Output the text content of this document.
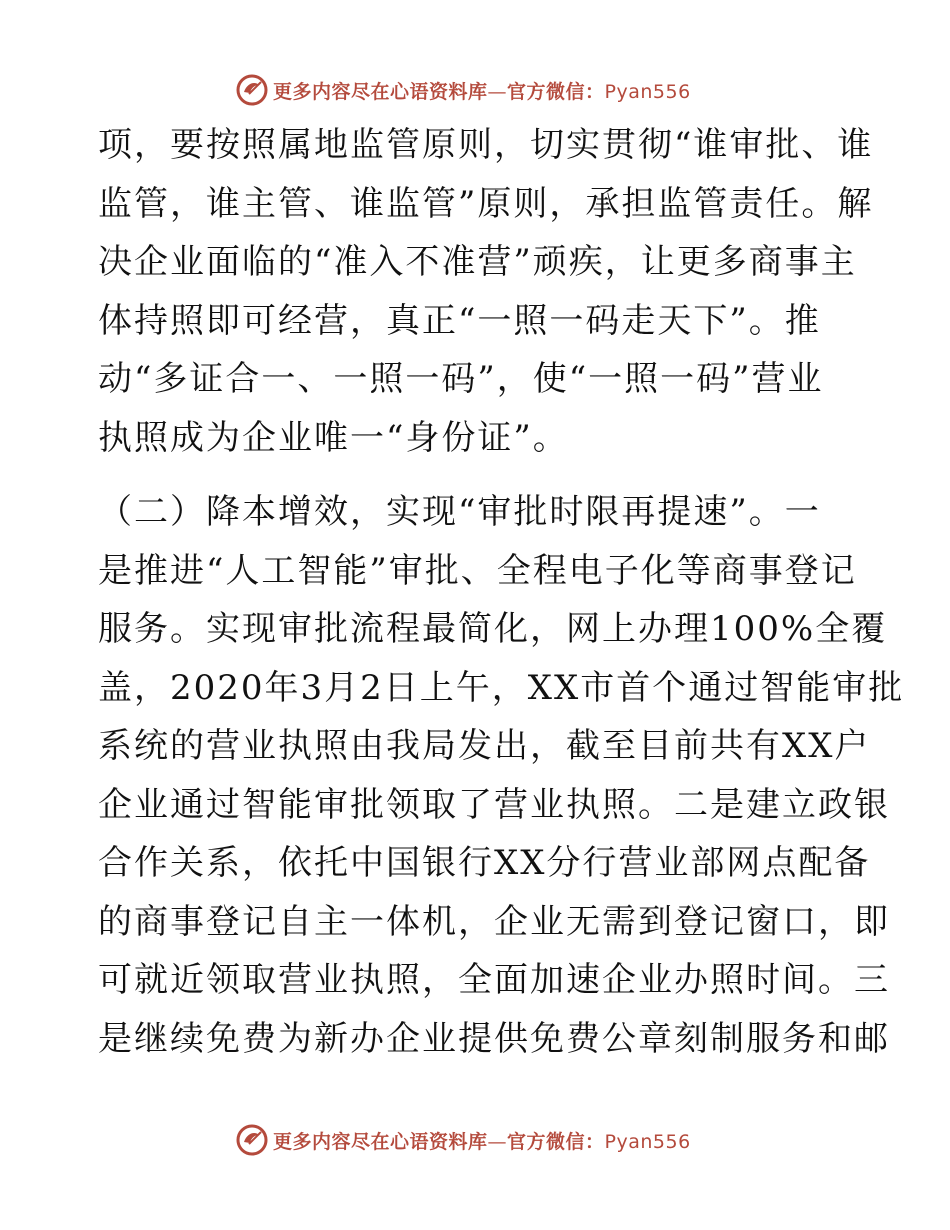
更多内容尽在心语资料库—官方微信：Pyan556

项，要按照属地监管原则，切实贯彻“谁审批、谁
监管，谁主管、谁监管”原则，承担监管责任。解
决企业面临的“准入不准营”顽疾，让更多商事主
体持照即可经营，真正“一照一码走天下”。推
动“多证合一、一照一码”，使“一照一码”营业
执照成为企业唯一“身份证”。

（二）降本增效，实现“审批时限再提速”。一
是推进“人工智能”审批、全程电子化等商事登记
服务。实现审批流程最简化，网上办理100%全覆
盖，2020年3月2日上午，XX市首个通过智能审批
系统的营业执照由我局发出，截至目前共有XX户
企业通过智能审批领取了营业执照。二是建立政银
合作关系，依托中国银行XX分行营业部网点配备
的商事登记自主一体机，企业无需到登记窗口，即
可就近领取营业执照，全面加速企业办照时间。三
是继续免费为新办企业提供免费公章刻制服务和邮

更多内容尽在心语资料库—官方微信：Pyan556
